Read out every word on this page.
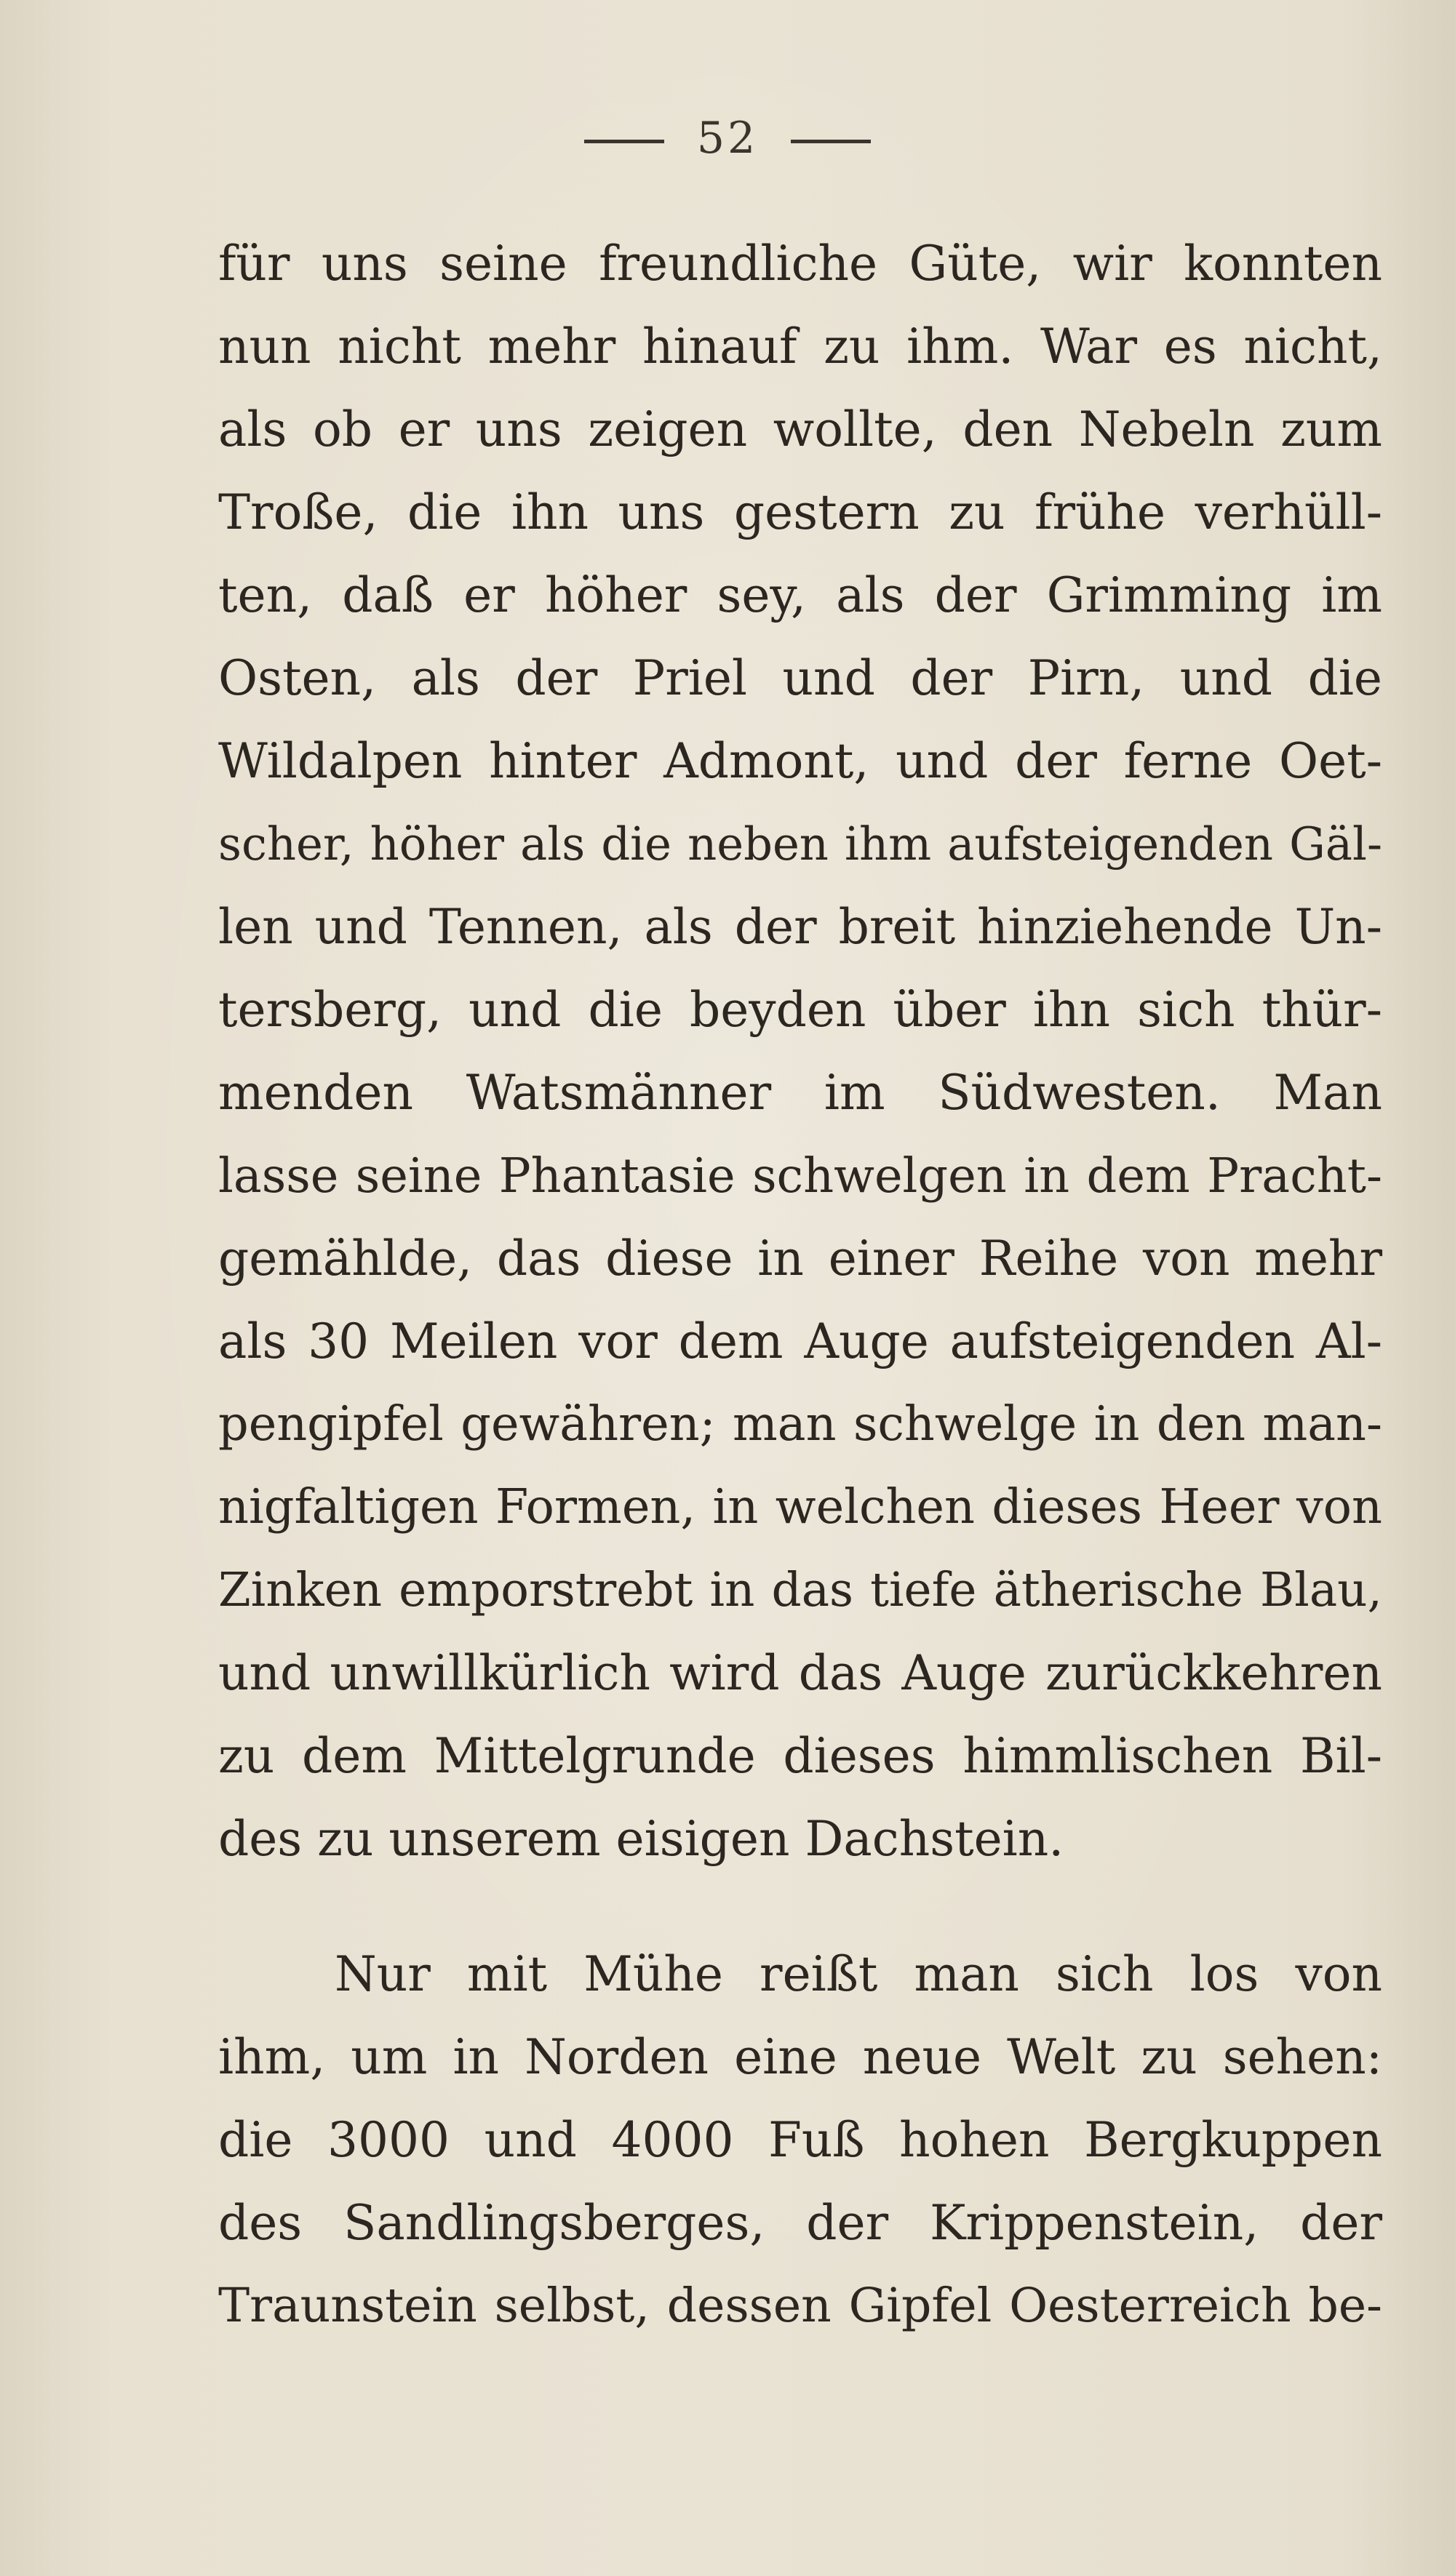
52
für uns seine freundliche Güte, wir konnten
nun nicht mehr hinauf zu ihm. War es nicht,
als ob er uns zeigen wollte, den Nebeln zum
Troße, die ihn uns gestern zu frühe verhüll-
ten, daß er höher sey, als der Grimming im
Osten, als der Priel und der Pirn, und die
Wildalpen hinter Admont, und der ferne Oet-
scher, höher als die neben ihm aufsteigenden Gäl-
len und Tennen, als der breit hinziehende Un-
tersberg, und die beyden über ihn sich thür-
menden Watsmänner im Südwesten. Man
lasse seine Phantasie schwelgen in dem Pracht-
gemählde, das diese in einer Reihe von mehr
als 30 Meilen vor dem Auge aufsteigenden Al-
pengipfel gewähren; man schwelge in den man-
nigfaltigen Formen, in welchen dieses Heer von
Zinken emporstrebt in das tiefe ätherische Blau,
und unwillkürlich wird das Auge zurückkehren
zu dem Mittelgrunde dieses himmlischen Bil-
des zu unserem eisigen Dachstein.
Nur mit Mühe reißt man sich los von
ihm, um in Norden eine neue Welt zu sehen:
die 3000 und 4000 Fuß hohen Bergkuppen
des Sandlingsberges, der Krippenstein, der
Traunstein selbst, dessen Gipfel Oesterreich be-
